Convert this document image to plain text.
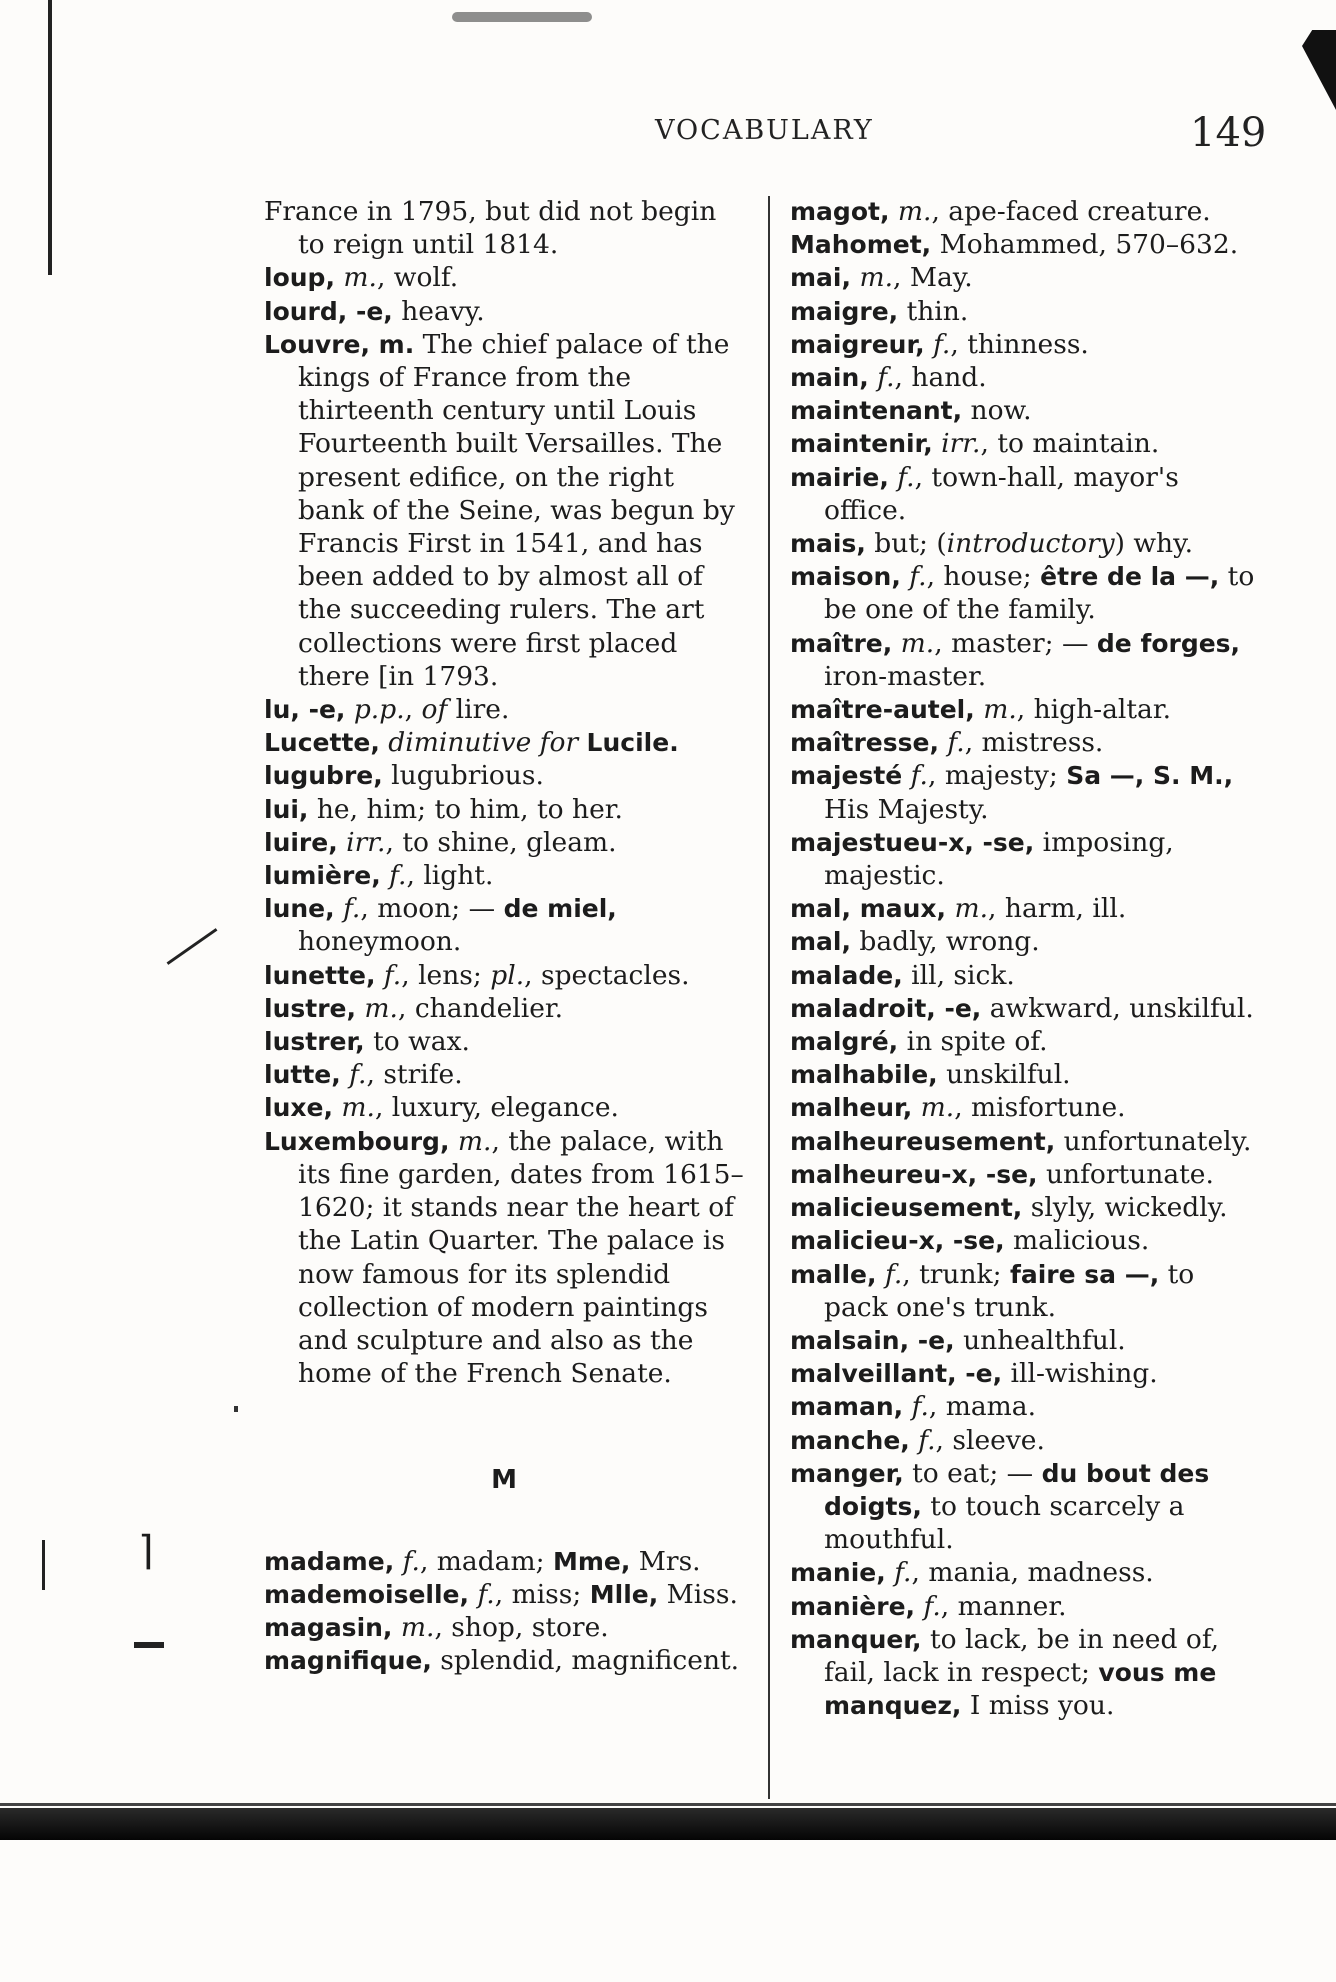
VOCABULARY	149

France in 1795, but did not begin to reign until 1814.

loup, m., wolf.

lourd, -e, heavy.

Louvre, m. The chief palace of the kings of France from the thirteenth century until Louis Fourteenth built Versailles. The present edifice, on the right bank of the Seine, was begun by Francis First in 1541, and has been added to by almost all of the succeeding rulers. The art collections were first placed there [in 1793.

lu, -e, p.p., of lire.

Lucette, diminutive for Lucile.

lugubre, lugubrious.

lui, he, him; to him, to her.

luire, irr., to shine, gleam.

lumière, f., light.

lune, f., moon; — de miel, honeymoon.

lunette, f., lens; pl., spectacles.

lustre, m., chandelier.

lustrer, to wax.

lutte, f., strife.

luxe, m., luxury, elegance.

Luxembourg, m., the palace, with its fine garden, dates from 1615–1620; it stands near the heart of the Latin Quarter. The palace is now famous for its splendid collection of modern paintings and sculpture and also as the home of the French Senate.

M

madame, f., madam; Mme, Mrs.

mademoiselle, f., miss; Mlle, Miss.

magasin, m., shop, store.

magnifique, splendid, magnificent.

magot, m., ape-faced creature.

Mahomet, Mohammed, 570–632.

mai, m., May.

maigre, thin.

maigreur, f., thinness.

main, f., hand.

maintenant, now.

maintenir, irr., to maintain.

mairie, f., town-hall, mayor's office.

mais, but; (introductory) why.

maison, f., house; être de la —, to be one of the family.

maître, m., master; — de forges, iron-master.

maître-autel, m., high-altar.

maîtresse, f., mistress.

majesté f., majesty; Sa —, S. M., His Majesty.

majestueu-x, -se, imposing, majestic.

mal, maux, m., harm, ill.

mal, badly, wrong.

malade, ill, sick.

maladroit, -e, awkward, unskilful.

malgré, in spite of.

malhabile, unskilful.

malheur, m., misfortune.

malheureusement, unfortunately.

malheureu-x, -se, unfortunate.

malicieusement, slyly, wickedly.

malicieu-x, -se, malicious.

malle, f., trunk; faire sa —, to pack one's trunk.

malsain, -e, unhealthful.

malveillant, -e, ill-wishing.

maman, f., mama.

manche, f., sleeve.

manger, to eat; — du bout des doigts, to touch scarcely a mouthful.

manie, f., mania, madness.

manière, f., manner.

manquer, to lack, be in need of, fail, lack in respect; vous me manquez, I miss you.

⌉
